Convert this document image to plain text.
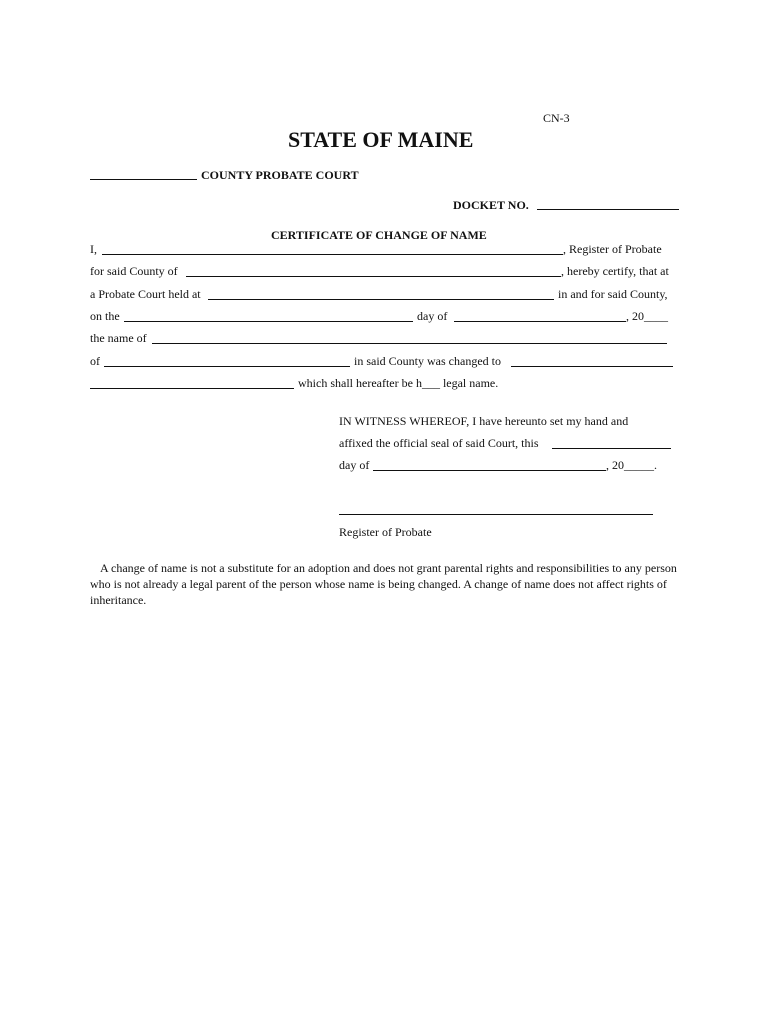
CN-3
STATE OF MAINE
COUNTY PROBATE COURT
DOCKET NO.
CERTIFICATE OF CHANGE OF NAME
I,	, Register of Probate
for said County of	, hereby certify, that at
a Probate Court held at	in and for said County,
on the	day of	, 20____
the name of
of	in said County was changed to
which shall hereafter be h___ legal name.
IN WITNESS WHEREOF, I have hereunto set my hand and
affixed the official seal of said Court, this
day of	, 20_____.
Register of Probate
A change of name is not a substitute for an adoption and does not grant parental rights and responsibilities to any person who is not already a legal parent of the person whose name is being changed. A change of name does not affect rights of inheritance.
